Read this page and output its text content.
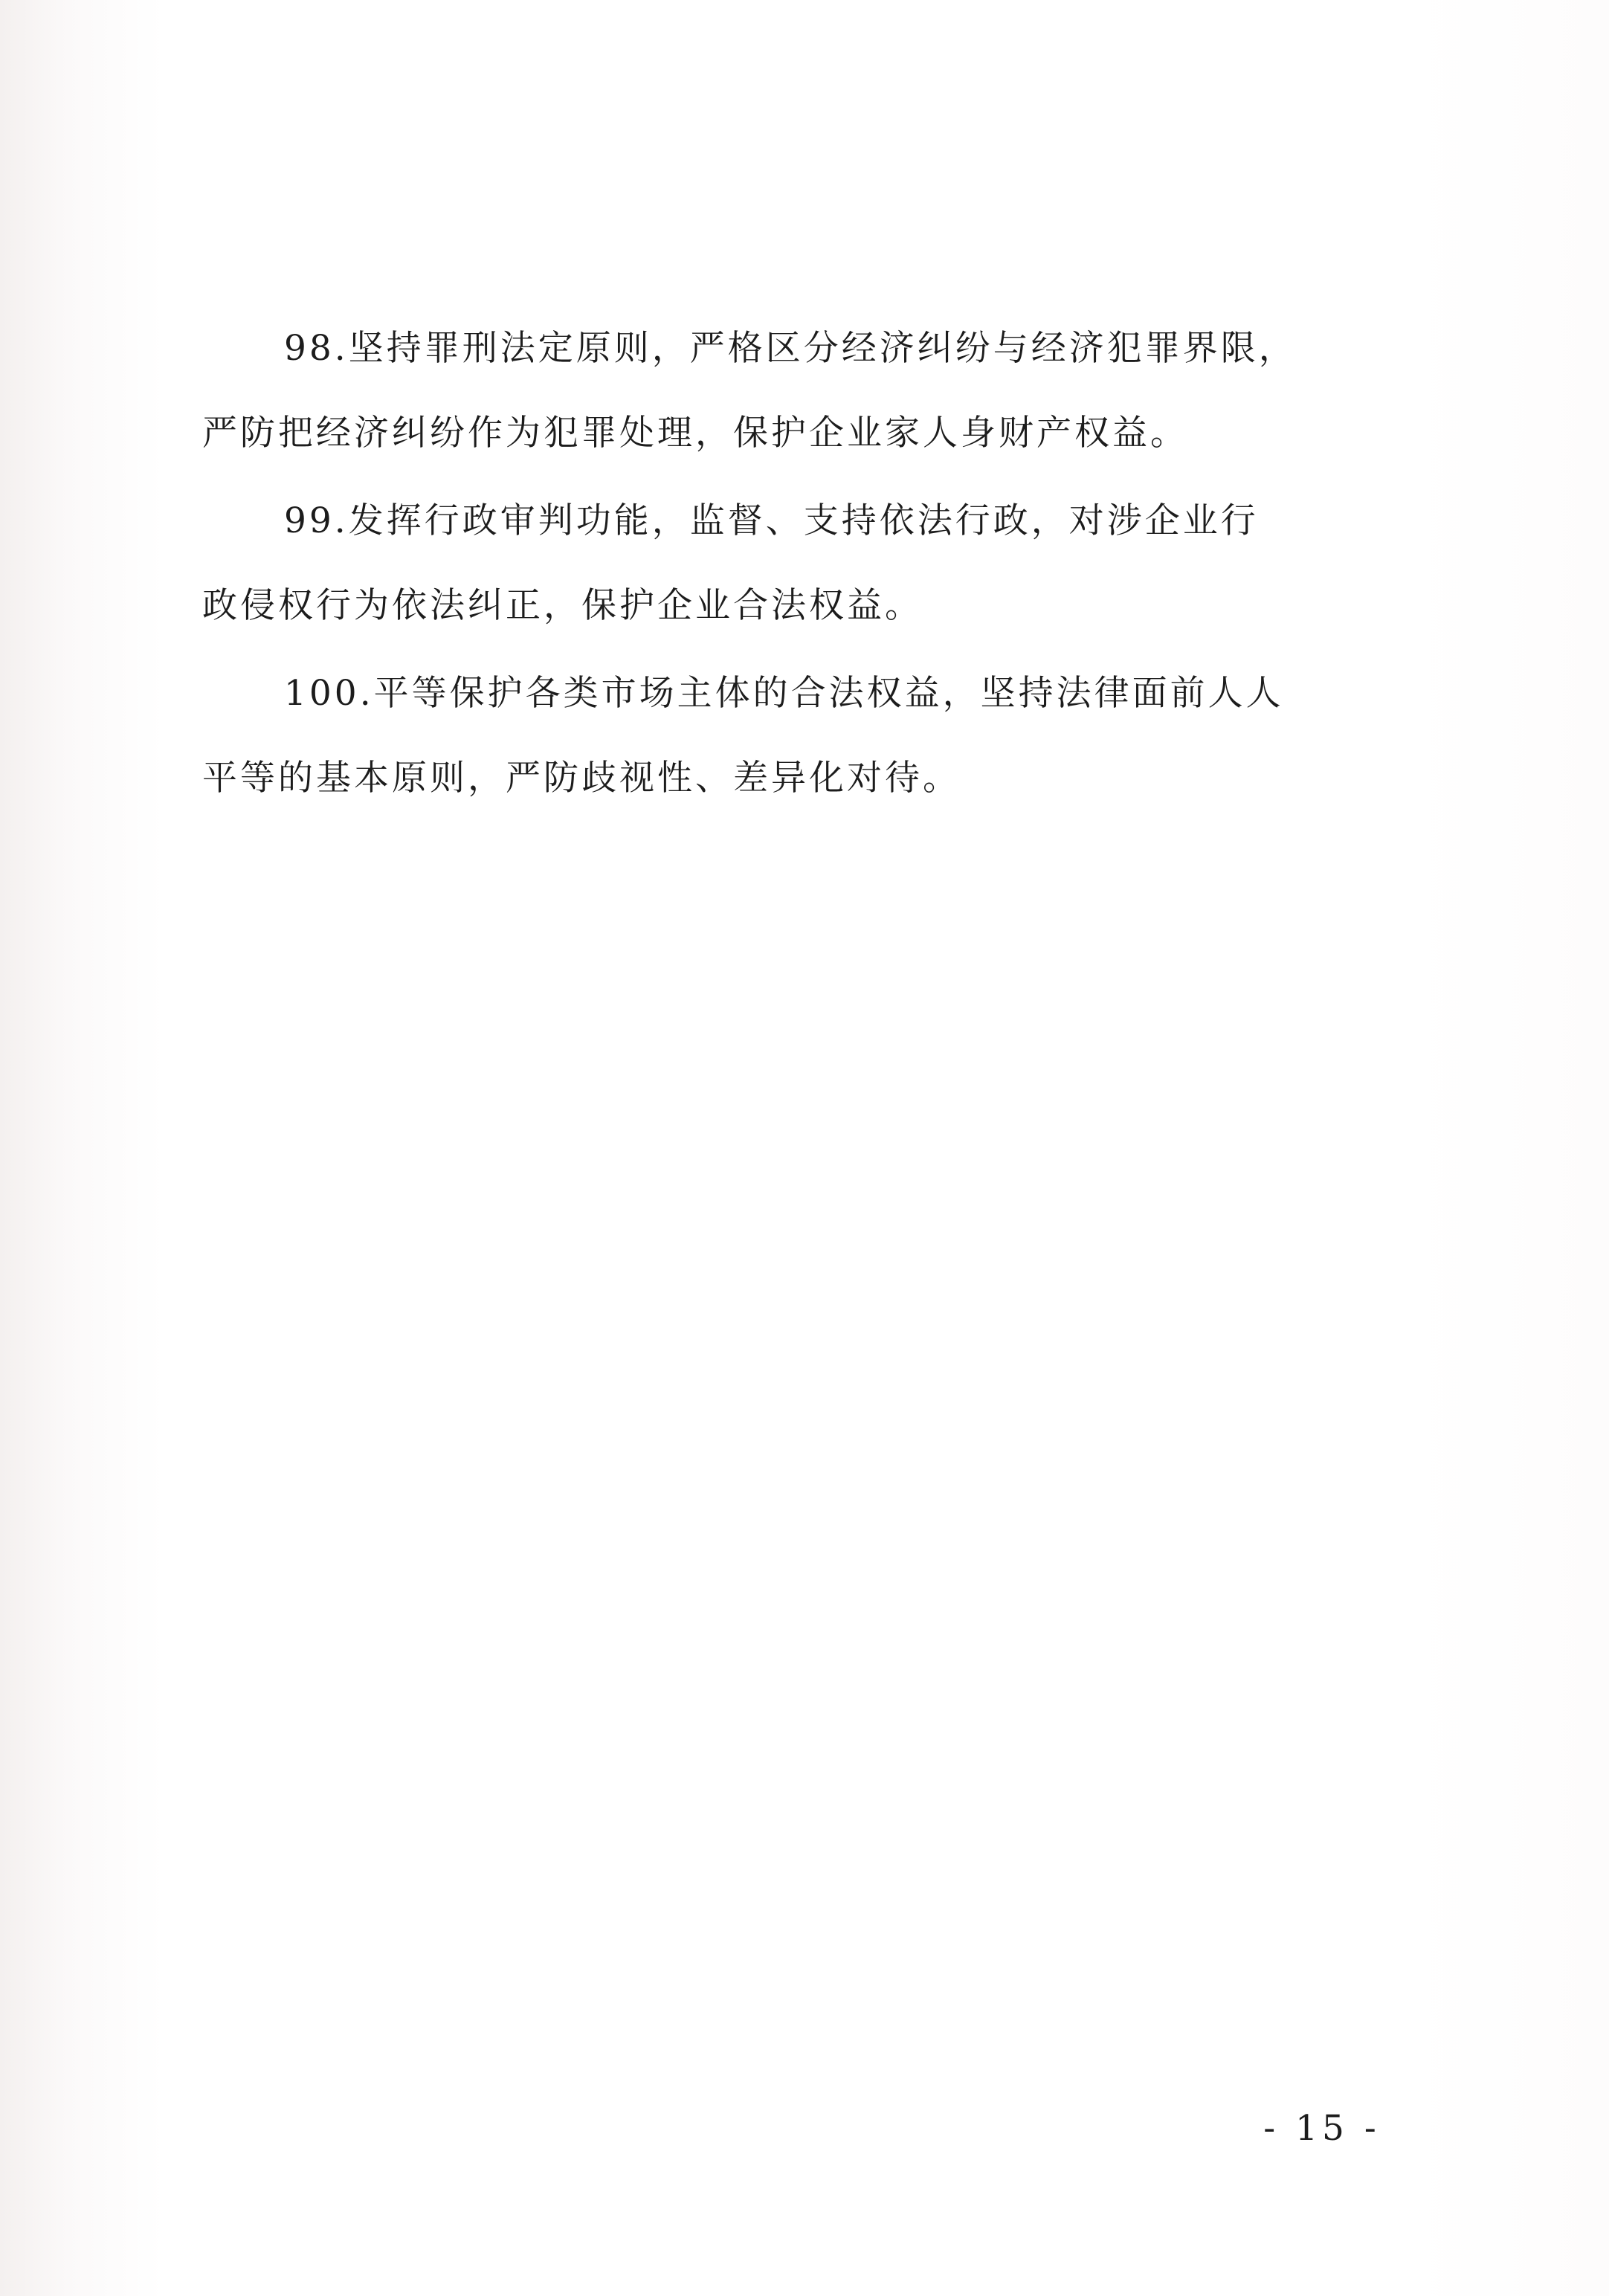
98.坚持罪刑法定原则，严格区分经济纠纷与经济犯罪界限，
严防把经济纠纷作为犯罪处理，保护企业家人身财产权益。
99.发挥行政审判功能，监督、支持依法行政，对涉企业行
政侵权行为依法纠正，保护企业合法权益。
100.平等保护各类市场主体的合法权益，坚持法律面前人人
平等的基本原则，严防歧视性、差异化对待。
- 15 -
